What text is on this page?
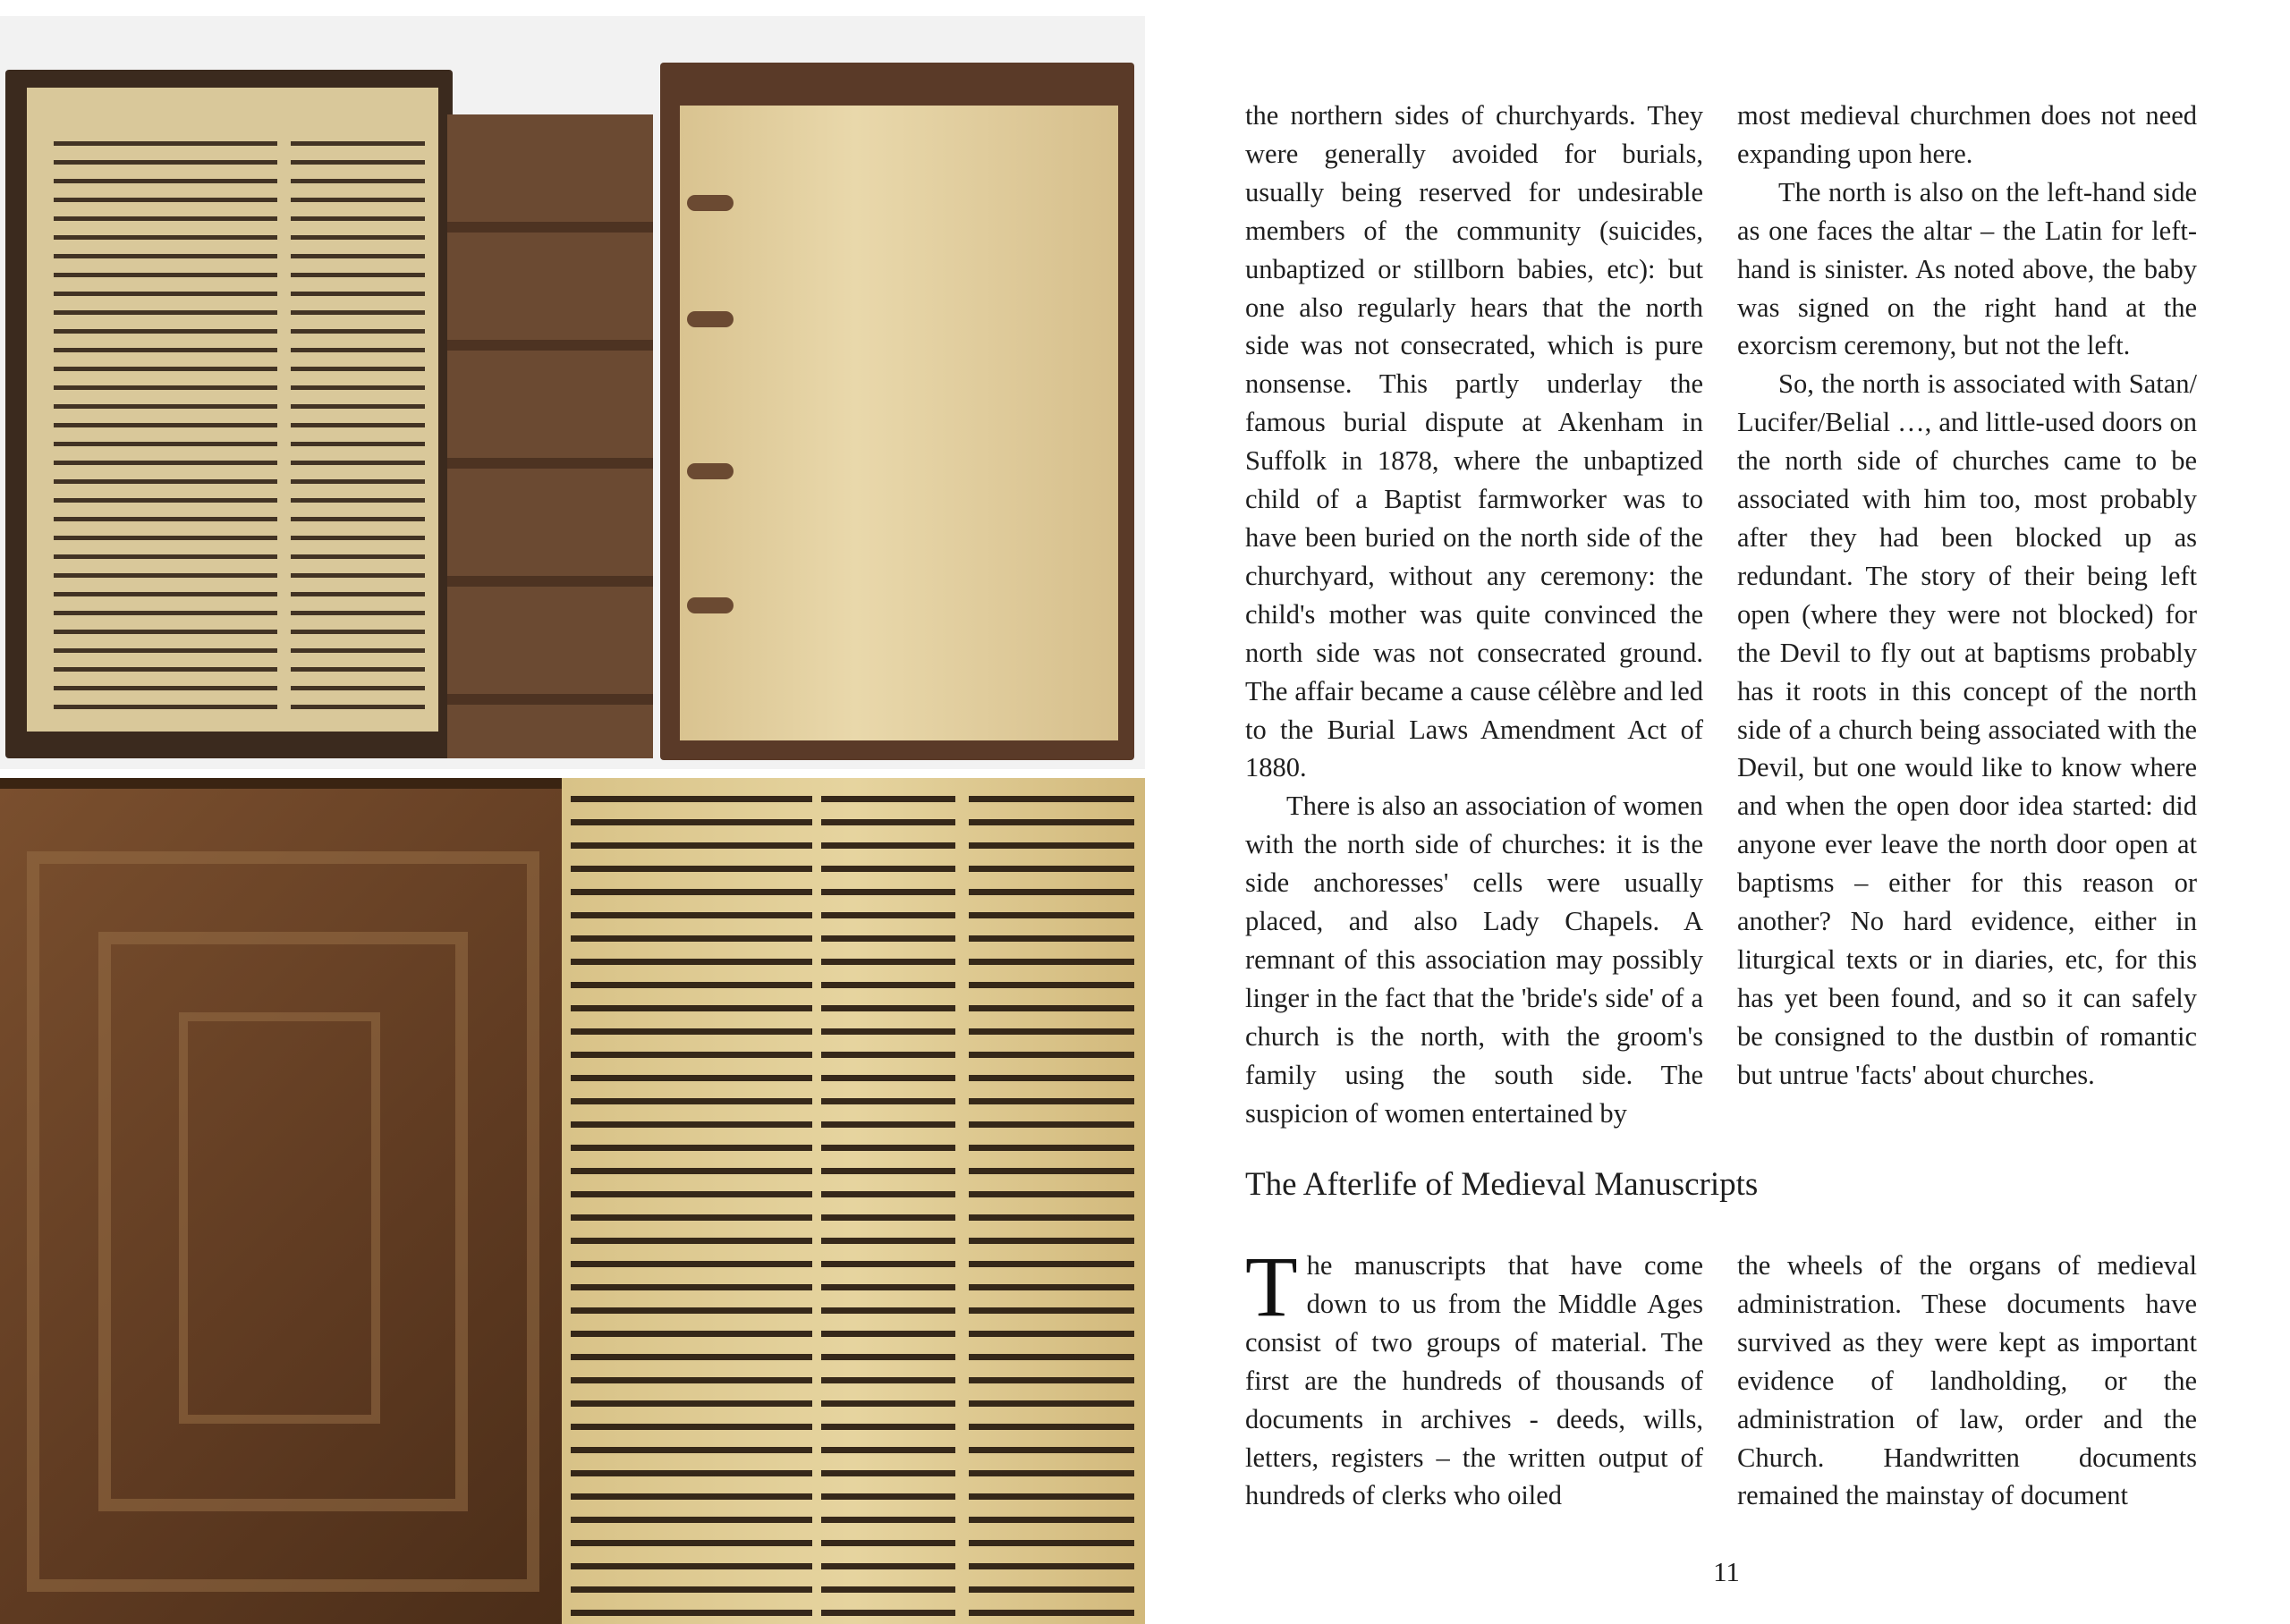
the northern sides of churchyards. They were generally avoided for burials, usually being reserved for undesirable members of the community (suicides, unbaptized or stillborn babies, etc): but one also regularly hears that the north side was not consecrated, which is pure nonsense. This partly underlay the famous burial dispute at Akenham in Suffolk in 1878, where the unbaptized child of a Baptist farmworker was to have been buried on the north side of the churchyard, without any ceremony: the child's mother was quite convinced the north side was not consecrated ground. The affair became a cause célèbre and led to the Burial Laws Amendment Act of 1880.

There is also an association of women with the north side of churches: it is the side anchoresses' cells were usually placed, and also Lady Chapels. A remnant of this association may possibly linger in the fact that the 'bride's side' of a church is the north, with the groom's family using the south side. The suspicion of women entertained by

most medieval churchmen does not need expanding upon here.

The north is also on the left-hand side as one faces the altar – the Latin for left-hand is sinister. As noted above, the baby was signed on the right hand at the exorcism ceremony, but not the left.

So, the north is associated with Satan/ Lucifer/Belial …, and little-used doors on the north side of churches came to be associated with him too, most probably after they had been blocked up as redundant. The story of their being left open (where they were not blocked) for the Devil to fly out at baptisms probably has it roots in this concept of the north side of a church being associated with the Devil, but one would like to know where and when the open door idea started: did anyone ever leave the north door open at baptisms – either for this reason or another? No hard evidence, either in liturgical texts or in diaries, etc, for this has yet been found, and so it can safely be consigned to the dustbin of romantic but untrue 'facts' about churches.

The Afterlife of Medieval Manuscripts

The manuscripts that have come down to us from the Middle Ages consist of two groups of material. The first are the hundreds of thousands of documents in archives - deeds, wills, letters, registers – the written output of hundreds of clerks who oiled

the wheels of the organs of medieval administration. These documents have survived as they were kept as important evidence of landholding, or the administration of law, order and the Church. Handwritten documents remained the mainstay of document

11
